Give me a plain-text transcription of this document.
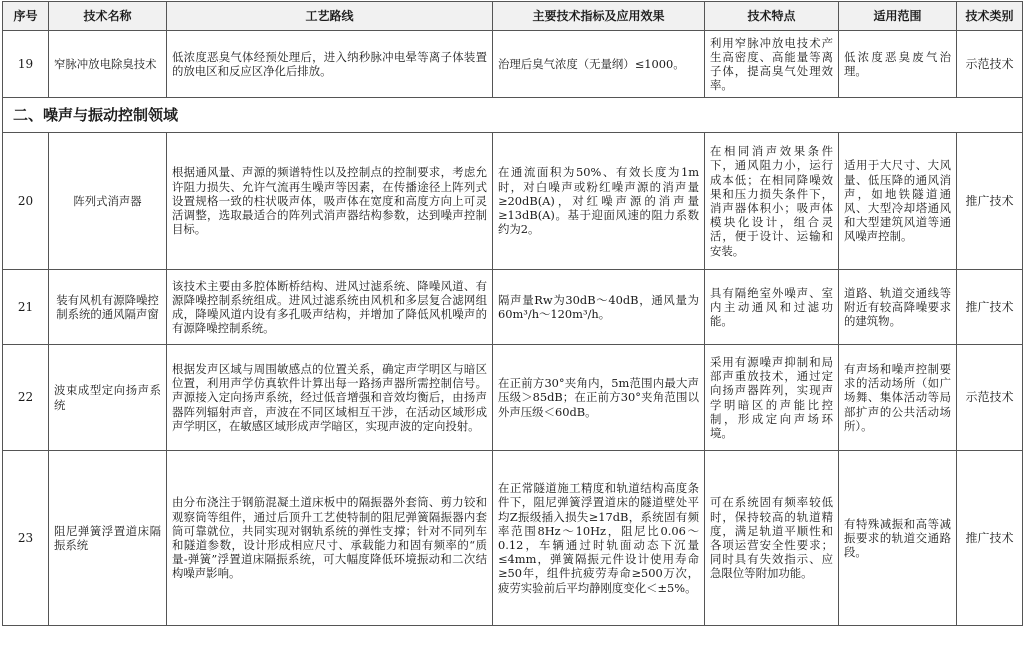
序号	技术名称	工艺路线	主要技术指标及应用效果	技术特点	适用范围	技术类别
19	窄脉冲放电除臭技术	低浓度恶臭气体经预处理后，进入纳秒脉冲电晕等离子体装置的放电区和反应区净化后排放。	治理后臭气浓度（无量纲）≤1000。	利用窄脉冲放电技术产生高密度、高能量等离子体，提高臭气处理效率。	低浓度恶臭废气治理。	示范技术
二、噪声与振动控制领域						
20	阵列式消声器	根据通风量、声源的频谱特性以及控制点的控制要求，考虑允许阻力损失、允许气流再生噪声等因素，在传播途径上阵列式设置规格一致的柱状吸声体，吸声体在宽度和高度方向上可灵活调整，选取最适合的阵列式消声器结构参数，达到噪声控制目标。	在通流面积为50%、有效长度为1m时，对白噪声或粉红噪声源的消声量≥20dB(A)，对红噪声源的消声量≥13dB(A)。基于迎面风速的阻力系数约为2。	在相同消声效果条件下，通风阻力小，运行成本低；在相同降噪效果和压力损失条件下，消声器体积小；吸声体模块化设计，组合灵活，便于设计、运输和安装。	适用于大尺寸、大风量、低压降的通风消声，如地铁隧道通风、大型冷却塔通风和大型建筑风道等通风噪声控制。	推广技术
21	装有风机有源降噪控制系统的通风隔声窗	该技术主要由多腔体断桥结构、进风过滤系统、降噪风道、有源降噪控制系统组成。进风过滤系统由风机和多层复合滤网组成，降噪风道内设有多孔吸声结构，并增加了降低风机噪声的有源降噪控制系统。	隔声量Rw为30dB～40dB，通风量为60m³/h～120m³/h。	具有隔绝室外噪声、室内主动通风和过滤功能。	道路、轨道交通线等附近有较高降噪要求的建筑物。	推广技术
22	波束成型定向扬声系统	根据发声区域与周围敏感点的位置关系，确定声学明区与暗区位置，利用声学仿真软件计算出每一路扬声器所需控制信号。声源接入定向扬声系统，经过低音增强和音效均衡后，由扬声器阵列辐射声音，声波在不同区域相互干涉，在活动区域形成声学明区，在敏感区域形成声学暗区，实现声波的定向投射。	在正前方30°夹角内，5m范围内最大声压级＞85dB；在正前方30°夹角范围以外声压级＜60dB。	采用有源噪声抑制和局部声重放技术，通过定向扬声器阵列，实现声学明暗区的声能比控制，形成定向声场环境。	有声场和噪声控制要求的活动场所（如广场舞、集体活动等局部扩声的公共活动场所）。	示范技术
23	阻尼弹簧浮置道床隔振系统	由分布浇注于钢筋混凝土道床板中的隔振器外套筒、剪力铰和观察筒等组件，通过后顶升工艺使特制的阻尼弹簧隔振器内套筒可靠就位，共同实现对钢轨系统的弹性支撑；针对不同列车和隧道参数，设计形成相应尺寸、承载能力和固有频率的“质量-弹簧”浮置道床隔振系统，可大幅度降低环境振动和二次结构噪声影响。	在正常隧道施工精度和轨道结构高度条件下，阻尼弹簧浮置道床的隧道壁处平均Z振级插入损失≥17dB，系统固有频率范围8Hz～10Hz，阻尼比0.06～0.12，车辆通过时轨面动态下沉量≤4mm，弹簧隔振元件设计使用寿命≥50年，组件抗疲劳寿命≥500万次，疲劳实验前后平均静刚度变化＜±5%。	可在系统固有频率较低时，保持较高的轨道精度，满足轨道平顺性和各项运营安全性要求；同时具有失效指示、应急限位等附加功能。	有特殊减振和高等减振要求的轨道交通路段。	推广技术
